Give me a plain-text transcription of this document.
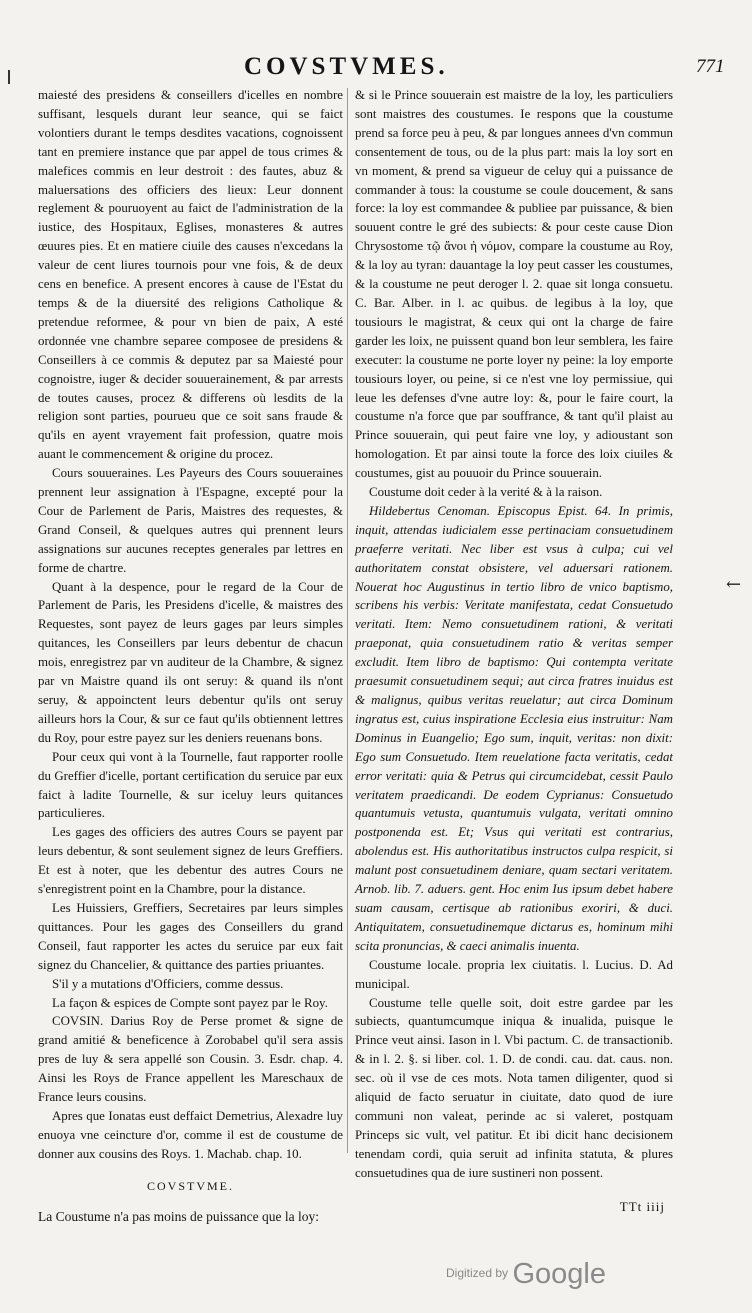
COVSTVMES.	771

maiesté des presidens & conseillers d'icelles en nombre suffisant, lesquels durant leur seance, qui se faict volontiers durant le temps desdites vacations, cognoissent tant en premiere instance que par appel de tous crimes & malefices commis en leur destroit : des fautes, abuz & maluersations des officiers des lieux: Leur donnent reglement & pouruoyent au faict de l'administration de la iustice, des Hospitaux, Eglises, monasteres & autres œuures pies. Et en matiere ciuile des causes n'excedans la valeur de cent liures tournois pour vne fois, & de deux cens en benefice. A present encores à cause de l'Estat du temps & de la diuersité des religions Catholique & pretendue reformee, & pour vn bien de paix, A esté ordonnée vne chambre separee composee de presidens & Conseillers à ce commis & deputez par sa Maiesté pour cognoistre, iuger & decider souuerainement, & par arrests de toutes causes, procez & differens où lesdits de la religion sont parties, pourueu que ce soit sans fraude & qu'ils en ayent vrayement fait profession, quatre mois auant le commencement & origine du procez.

Cours souueraines. Les Payeurs des Cours souueraines prennent leur assignation à l'Espagne, excepté pour la Cour de Parlement de Paris, Maistres des requestes, & Grand Conseil, & quelques autres qui prennent leurs assignations sur aucunes receptes generales par lettres en forme de chartre.

Quant à la despence, pour le regard de la Cour de Parlement de Paris, les Presidens d'icelle, & maistres des Requestes, sont payez de leurs gages par leurs simples quitances, les Conseillers par leurs debentur de chacun mois, enregistrez par vn auditeur de la Chambre, & signez par vn Maistre quand ils ont seruy: & quand ils n'ont seruy, & appoinctent leurs debentur qu'ils ont seruy ailleurs hors la Cour, & sur ce faut qu'ils obtiennent lettres du Roy, pour estre payez sur les deniers reuenans bons.

Pour ceux qui vont à la Tournelle, faut rapporter roolle du Greffier d'icelle, portant certification du seruice par eux faict à ladite Tournelle, & sur iceluy leurs quitances particulieres.

Les gages des officiers des autres Cours se payent par leurs debentur, & sont seulement signez de leurs Greffiers. Et est à noter, que les debentur des autres Cours ne s'enregistrent point en la Chambre, pour la distance.

Les Huissiers, Greffiers, Secretaires par leurs simples quittances. Pour les gages des Conseillers du grand Conseil, faut rapporter les actes du seruice par eux fait signez du Chancelier, & quittance des parties priuantes.

S'il y a mutations d'Officiers, comme dessus.

La façon & espices de Compte sont payez par le Roy.

COVSIN. Darius Roy de Perse promet & signe de grand amitié & beneficence à Zorobabel qu'il sera assis pres de luy & sera appellé son Cousin. 3. Esdr. chap. 4. Ainsi les Roys de France appellent les Mareschaux de France leurs cousins.

Apres que Ionatas eust deffaict Demetrius, Alexadre luy enuoya vne ceincture d'or, comme il est de coustume de donner aux cousins des Roys. 1. Machab. chap. 10.

COVSTVME.

La Coustume n'a pas moins de puissance que la loy:

& si le Prince souuerain est maistre de la loy, les particuliers sont maistres des coustumes. Ie respons que la coustume prend sa force peu à peu, & par longues annees d'vn commun consentement de tous, ou de la plus part: mais la loy sort en vn moment, & prend sa vigueur de celuy qui a puissance de commander à tous: la coustume se coule doucement, & sans force: la loy est commandee & publiee par puissance, & bien souuent contre le gré des subiects: & pour ceste cause Dion Chrysostome τῷ ἄνοι ἠ νόμον, compare la coustume au Roy, & la loy au tyran: dauantage la loy peut casser les coustumes, & la coustume ne peut deroger l. 2. quae sit longa consuetu. C. Bar. Alber. in l. ac quibus. de legibus à la loy, que tousiours le magistrat, & ceux qui ont la charge de faire garder les loix, ne puissent quand bon leur semblera, les faire executer: la coustume ne porte loyer ny peine: la loy emporte tousiours loyer, ou peine, si ce n'est vne loy permissiue, qui leue les defenses d'vne autre loy: &, pour le faire court, la coustume n'a force que par souffrance, & tant qu'il plaist au Prince souuerain, qui peut faire vne loy, y adioustant son homologation. Et par ainsi toute la force des loix ciuiles & coustumes, gist au pouuoir du Prince souuerain.

Coustume doit ceder à la verité & à la raison.

Hildebertus Cenoman. Episcopus Epist. 64. In primis, inquit, attendas iudicialem esse pertinaciam consuetudinem praeferre veritati. Nec liber est vsus à culpa; cui vel authoritatem constat obsistere, vel aduersari rationem. Nouerat hoc Augustinus in tertio libro de vnico baptismo, scribens his verbis: Veritate manifestata, cedat Consuetudo veritati. Item: Nemo consuetudinem rationi, & veritati praeponat, quia consuetudinem ratio & veritas semper excludit. Item libro de baptismo: Qui contempta veritate praesumit consuetudinem sequi; aut circa fratres inuidus est & malignus, quibus veritas reuelatur; aut circa Dominum ingratus est, cuius inspiratione Ecclesia eius instruitur: Nam Dominus in Euangelio; Ego sum, inquit, veritas: non dixit: Ego sum Consuetudo. Item reuelatione facta veritatis, cedat error veritati: quia & Petrus qui circumcidebat, cessit Paulo veritatem praedicandi. De eodem Cyprianus: Consuetudo quantumuis vetusta, quantumuis vulgata, veritati omnino postponenda est. Et; Vsus qui veritati est contrarius, abolendus est. His authoritatibus instructos culpa respicit, si malunt post consuetudinem deniare, quam sectari veritatem. Arnob. lib. 7. aduers. gent. Hoc enim Ius ipsum debet habere suam causam, certisque ab rationibus exoriri, & duci. Antiquitatem, consuetudinemque dictarus es, hominum mihi scita pronuncias, & caeci animalis inuenta.

Coustume locale. propria lex ciuitatis. l. Lucius. D. Ad municipal.

Coustume telle quelle soit, doit estre gardee par les subiects, quantumcumque iniqua & inualida, puisque le Prince veut ainsi. Iason in l. Vbi pactum. C. de transactionib. & in l. 2. §. si liber. col. 1. D. de condi. cau. dat. caus. non. sec. où il vse de ces mots. Nota tamen diligenter, quod si aliquid de facto seruatur in ciuitate, dato quod de iure communi non valeat, perinde ac si valeret, postquam Princeps sic vult, vel patitur. Et ibi dicit hanc decisionem tenendam cordi, quia seruit ad infinita statuta, & plures consuetudines qua de iure sustineri non possent.

TTt iiij
←
$^{Digitized by}$ Google
